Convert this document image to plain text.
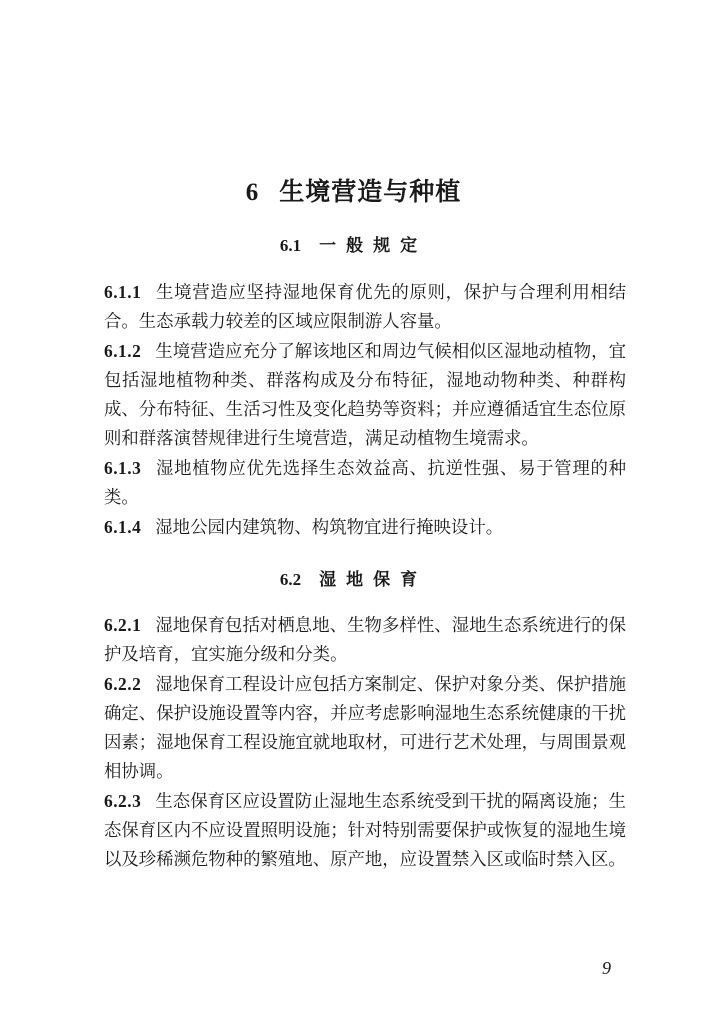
6 生境营造与种植
6.1 一般规定

6.1.1 生境营造应坚持湿地保育优先的原则，保护与合理利用相结合。生态承载力较差的区域应限制游人容量。

6.1.2 生境营造应充分了解该地区和周边气候相似区湿地动植物，宜包括湿地植物种类、群落构成及分布特征，湿地动物种类、种群构成、分布特征、生活习性及变化趋势等资料；并应遵循适宜生态位原则和群落演替规律进行生境营造，满足动植物生境需求。

6.1.3 湿地植物应优先选择生态效益高、抗逆性强、易于管理的种类。

6.1.4 湿地公园内建筑物、构筑物宜进行掩映设计。

6.2 湿地保育

6.2.1 湿地保育包括对栖息地、生物多样性、湿地生态系统进行的保护及培育，宜实施分级和分类。

6.2.2 湿地保育工程设计应包括方案制定、保护对象分类、保护措施确定、保护设施设置等内容，并应考虑影响湿地生态系统健康的干扰因素；湿地保育工程设施宜就地取材，可进行艺术处理，与周围景观相协调。

6.2.3 生态保育区应设置防止湿地生态系统受到干扰的隔离设施；生态保育区内不应设置照明设施；针对特别需要保护或恢复的湿地生境以及珍稀濒危物种的繁殖地、原产地，应设置禁入区或临时禁入区。

9
